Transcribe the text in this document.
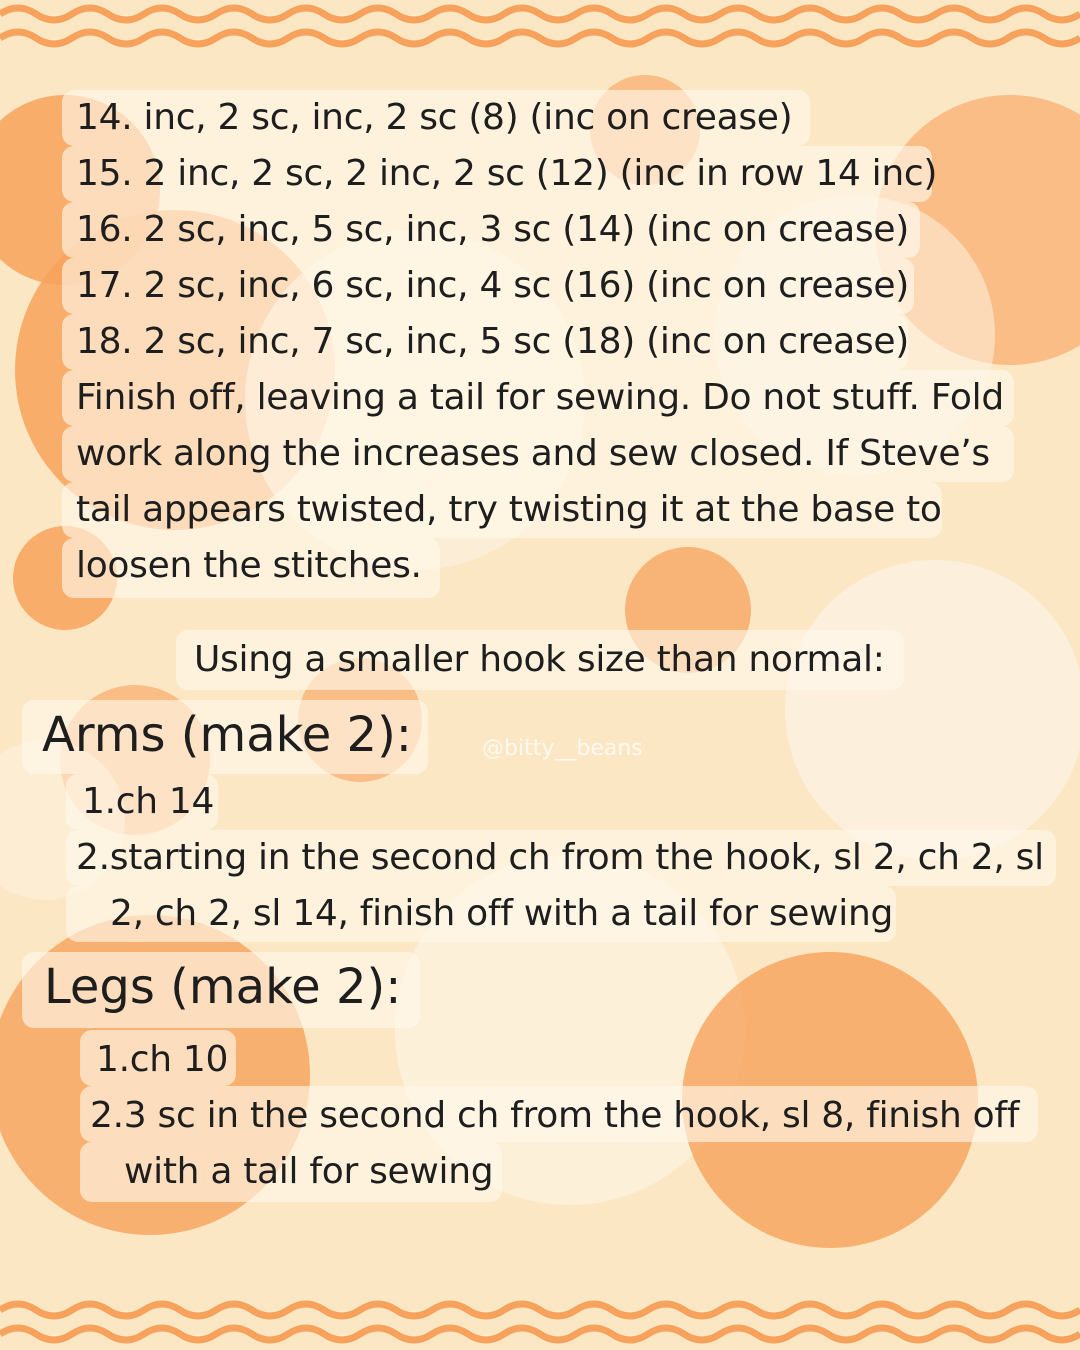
14. inc, 2 sc, inc, 2 sc (8) (inc on crease)
15. 2 inc, 2 sc, 2 inc, 2 sc (12) (inc in row 14 inc)
16. 2 sc, inc, 5 sc, inc, 3 sc (14) (inc on crease)
17. 2 sc, inc, 6 sc, inc, 4 sc (16) (inc on crease)
18. 2 sc, inc, 7 sc, inc, 5 sc (18) (inc on crease)
Finish off, leaving a tail for sewing. Do not stuff. Fold
work along the increases and sew closed. If Steve’s
tail appears twisted, try twisting it at the base to
loosen the stitches.
Using a smaller hook size than normal:
@bitty__beans
Arms (make 2):
1.ch 14
2.starting in the second ch from the hook, sl 2, ch 2, sl
2, ch 2, sl 14, finish off with a tail for sewing
Legs (make 2):
1.ch 10
2.3 sc in the second ch from the hook, sl 8, finish off
with a tail for sewing
